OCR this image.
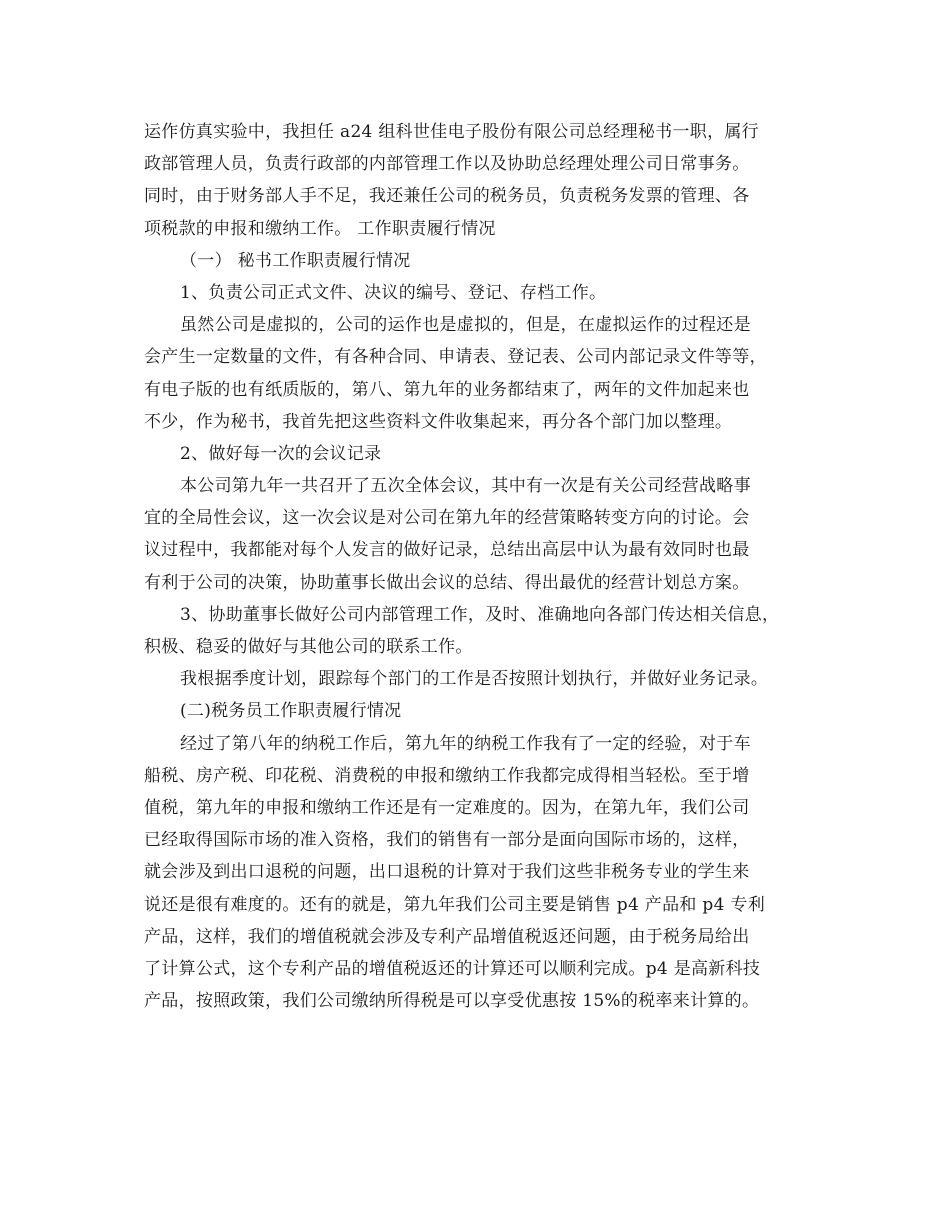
运作仿真实验中，我担任 a24 组科世佳电子股份有限公司总经理秘书一职，属行
政部管理人员，负责行政部的内部管理工作以及协助总经理处理公司日常事务。
同时，由于财务部人手不足，我还兼任公司的税务员，负责税务发票的管理、各
项税款的申报和缴纳工作。 工作职责履行情况
（一） 秘书工作职责履行情况
1、负责公司正式文件、决议的编号、登记、存档工作。
虽然公司是虚拟的，公司的运作也是虚拟的，但是，在虚拟运作的过程还是
会产生一定数量的文件，有各种合同、申请表、登记表、公司内部记录文件等等，
有电子版的也有纸质版的，第八、第九年的业务都结束了，两年的文件加起来也
不少，作为秘书，我首先把这些资料文件收集起来，再分各个部门加以整理。
2、做好每一次的会议记录
本公司第九年一共召开了五次全体会议，其中有一次是有关公司经营战略事
宜的全局性会议，这一次会议是对公司在第九年的经营策略转变方向的讨论。会
议过程中，我都能对每个人发言的做好记录，总结出高层中认为最有效同时也最
有利于公司的决策，协助董事长做出会议的总结、得出最优的经营计划总方案。
3、协助董事长做好公司内部管理工作，及时、准确地向各部门传达相关信息，
积极、稳妥的做好与其他公司的联系工作。
我根据季度计划，跟踪每个部门的工作是否按照计划执行，并做好业务记录。
(二)税务员工作职责履行情况
经过了第八年的纳税工作后，第九年的纳税工作我有了一定的经验，对于车
船税、房产税、印花税、消费税的申报和缴纳工作我都完成得相当轻松。至于增
值税，第九年的申报和缴纳工作还是有一定难度的。因为，在第九年，我们公司
已经取得国际市场的准入资格，我们的销售有一部分是面向国际市场的，这样，
就会涉及到出口退税的问题，出口退税的计算对于我们这些非税务专业的学生来
说还是很有难度的。还有的就是，第九年我们公司主要是销售 p4 产品和 p4 专利
产品，这样，我们的增值税就会涉及专利产品增值税返还问题，由于税务局给出
了计算公式，这个专利产品的增值税返还的计算还可以顺利完成。p4 是高新科技
产品，按照政策，我们公司缴纳所得税是可以享受优惠按 15%的税率来计算的。
